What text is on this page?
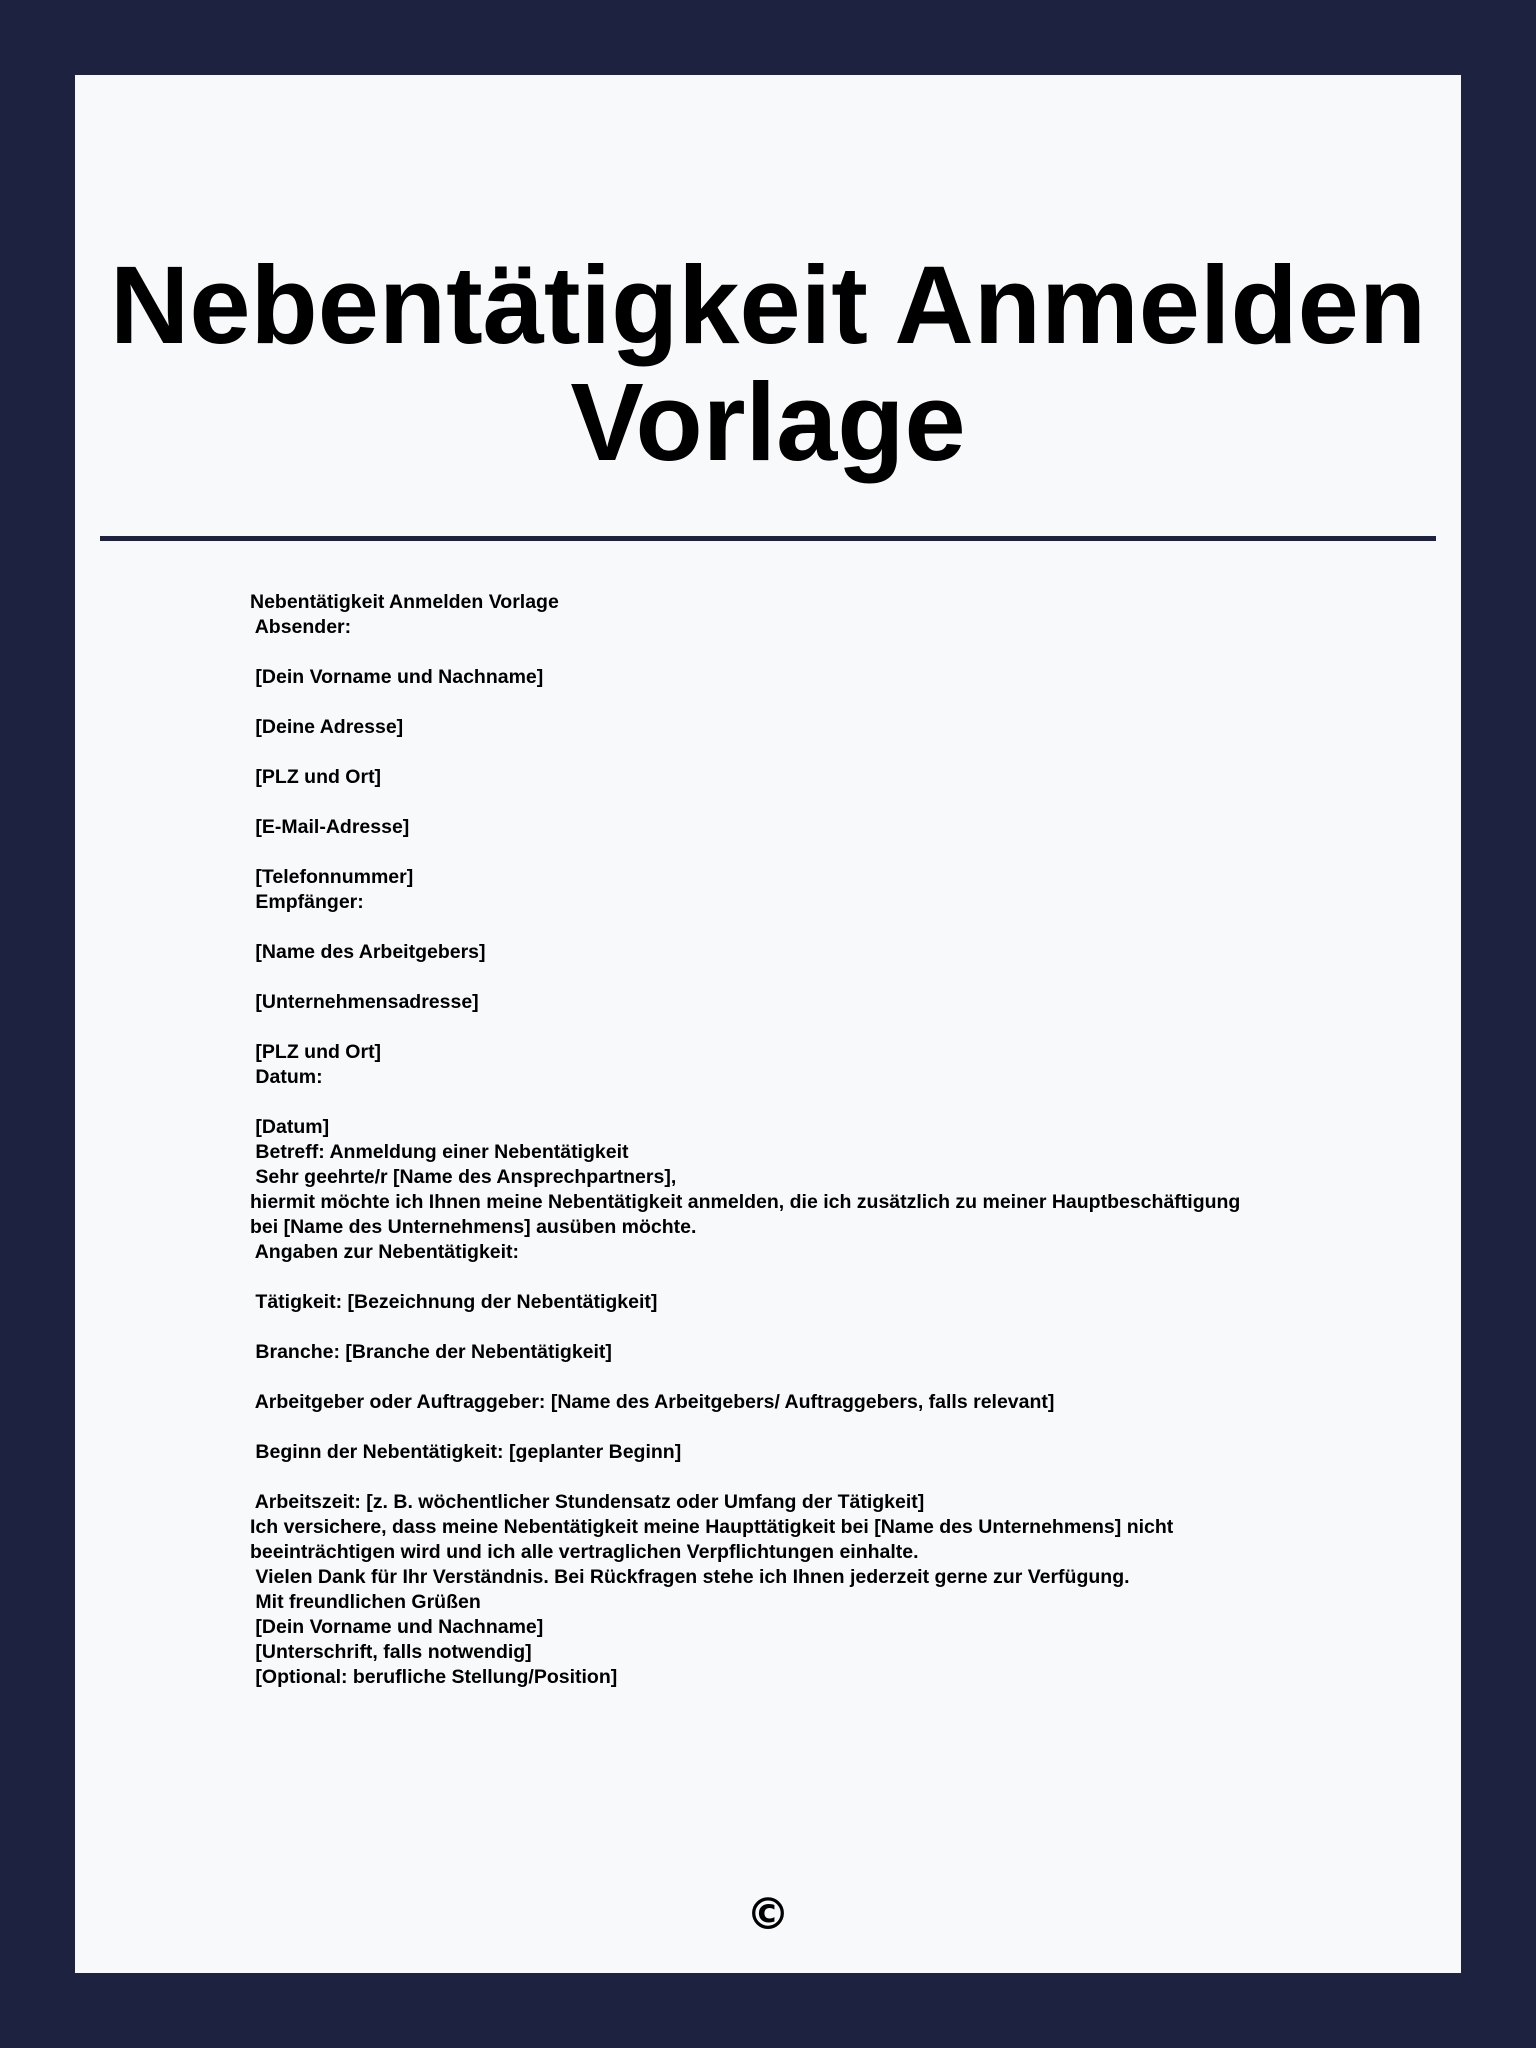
Nebentätigkeit Anmelden Vorlage
Nebentätigkeit Anmelden Vorlage
Absender:
[Dein Vorname und Nachname]
[Deine Adresse]
[PLZ und Ort]
[E-Mail-Adresse]
[Telefonnummer]
Empfänger:
[Name des Arbeitgebers]
[Unternehmensadresse]
[PLZ und Ort]
Datum:
[Datum]
Betreff: Anmeldung einer Nebentätigkeit
Sehr geehrte/r [Name des Ansprechpartners],
hiermit möchte ich Ihnen meine Nebentätigkeit anmelden, die ich zusätzlich zu meiner Hauptbeschäftigung
bei [Name des Unternehmens] ausüben möchte.
Angaben zur Nebentätigkeit:
Tätigkeit: [Bezeichnung der Nebentätigkeit]
Branche: [Branche der Nebentätigkeit]
Arbeitgeber oder Auftraggeber: [Name des Arbeitgebers/ Auftraggebers, falls relevant]
Beginn der Nebentätigkeit: [geplanter Beginn]
Arbeitszeit: [z. B. wöchentlicher Stundensatz oder Umfang der Tätigkeit]
Ich versichere, dass meine Nebentätigkeit meine Haupttätigkeit bei [Name des Unternehmens] nicht
beeinträchtigen wird und ich alle vertraglichen Verpflichtungen einhalte.
Vielen Dank für Ihr Verständnis. Bei Rückfragen stehe ich Ihnen jederzeit gerne zur Verfügung.
Mit freundlichen Grüßen
[Dein Vorname und Nachname]
[Unterschrift, falls notwendig]
[Optional: berufliche Stellung/Position]
©
